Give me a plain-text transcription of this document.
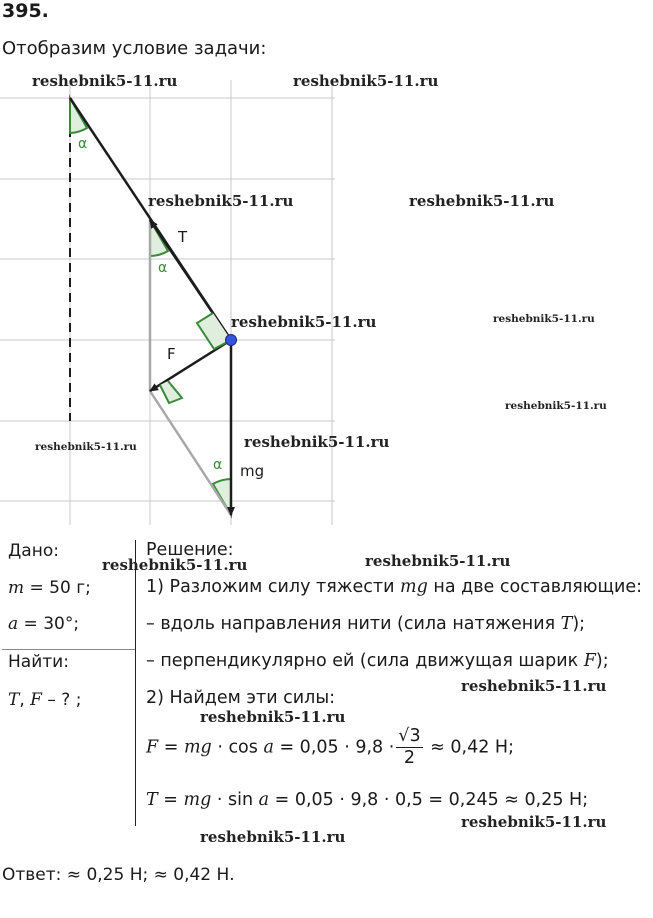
395.
Отобразим условие задачи:
α
α
α
T
F
mg
reshebnik5-11.ru	reshebnik5-11.ru
reshebnik5-11.ru	reshebnik5-11.ru
reshebnik5-11.ru	reshebnik5-11.ru
reshebnik5-11.ru
reshebnik5-11.ru	reshebnik5-11.ru
Дано:
m = 50 г;
a = 30°;
Найти:
T, F – ? ;
Решение:
1) Разложим силу тяжести mg на две составляющие:
– вдоль направления нити (сила натяжения T);
– перпендикулярно ей (сила движущая шарик F);
2) Найдем эти силы:
F = mg · $\cos a = 0,05 \cdot 9,8 \cdot \frac{√3}{2} \approx 0,42$ Н;
T = mg · sin a = 0,05 · 9,8 · 0,5 = 0,245 ≈ 0,25 Н;
reshebnik5-11.ru	reshebnik5-11.ru
reshebnik5-11.ru
reshebnik5-11.ru
reshebnik5-11.ru
reshebnik5-11.ru
Ответ: ≈ 0,25 Н; ≈ 0,42 Н.
